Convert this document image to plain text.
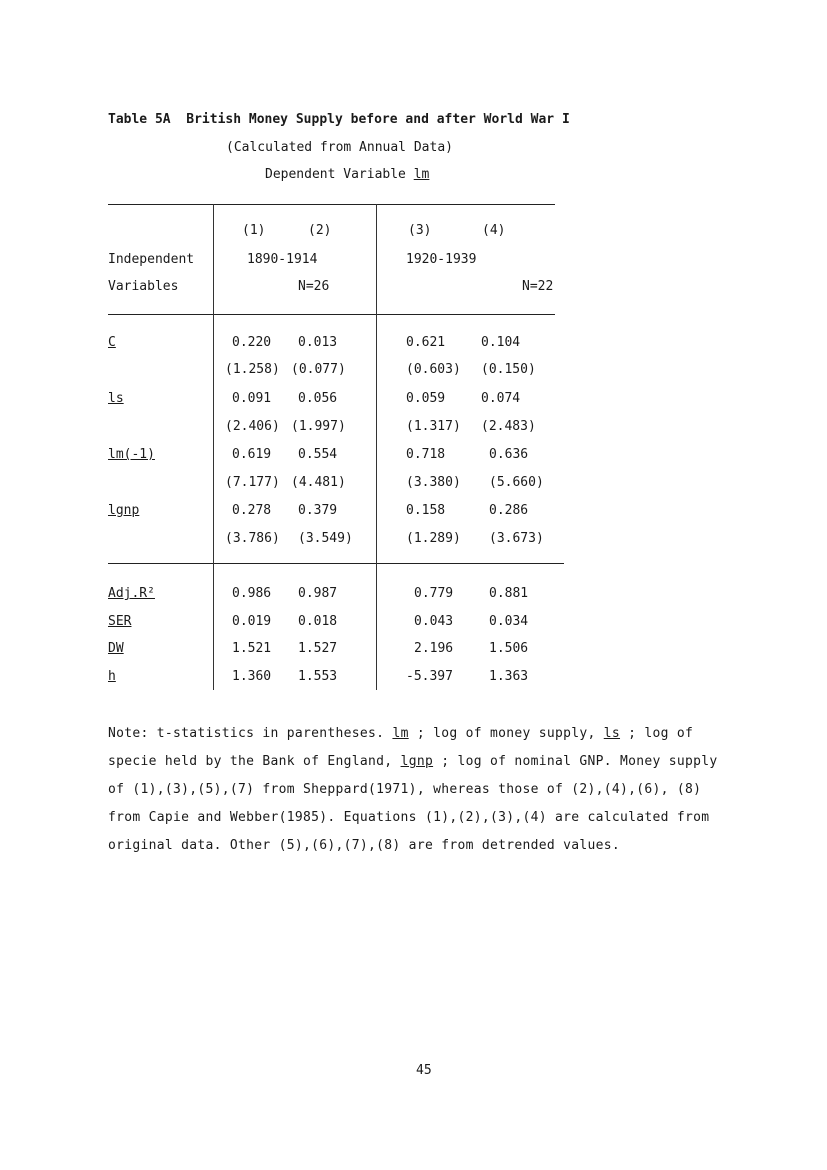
Table 5A  British Money Supply before and after World War I
(Calculated from Annual Data)
Dependent Variable lm
(1)	(2)	(3)	(4)
Independent	1890-1914	1920-1939
Variables	N=26	N=22
C	0.220 0.013	0.621	0.104
(1.258) (0.077)	(0.603) (0.150)
ls	0.091 0.056	0.059	0.074
(2.406) (1.997)	(1.317) (2.483)
lm(-1)	0.619 0.554	0.718	0.636
(7.177) (4.481)	(3.380) (5.660)
lgnp	0.278 0.379	0.158	0.286
(3.786) (3.549)	(1.289) (3.673)
Adj.R²	0.986 0.987	0.779	0.881
SER	0.019 0.018	0.043	0.034
DW	1.521 1.527	2.196	1.506
h	1.360 1.553	-5.397	1.363
Note: t-statistics in parentheses. lm ; log of money supply, ls ; log of specie held by the Bank of England, lgnp ; log of nominal GNP. Money supply of (1),(3),(5),(7) from Sheppard(1971), whereas those of (2),(4),(6), (8) from Capie and Webber(1985). Equations (1),(2),(3),(4) are calculated from original data. Other (5),(6),(7),(8) are from detrended values.
45
